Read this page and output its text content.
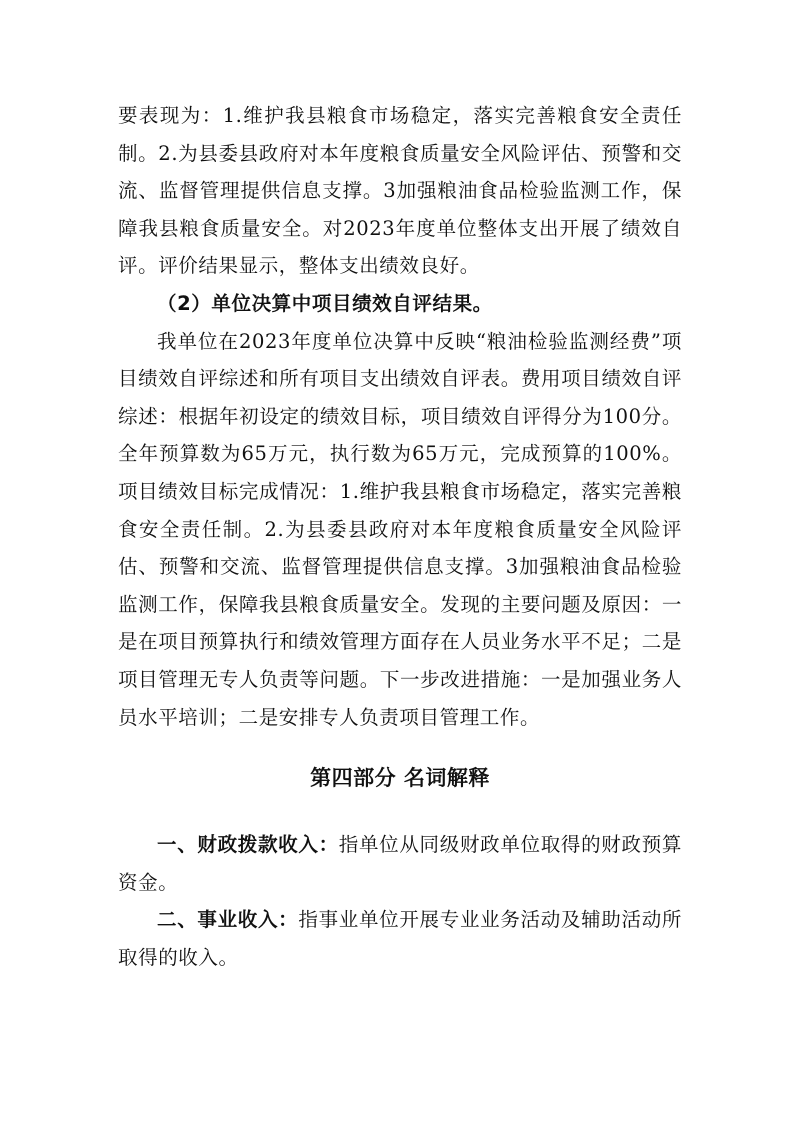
要表现为：1.维护我县粮食市场稳定，落实完善粮食安全责任制。2.为县委县政府对本年度粮食质量安全风险评估、预警和交流、监督管理提供信息支撑。3加强粮油食品检验监测工作，保障我县粮食质量安全。对2023年度单位整体支出开展了绩效自评。评价结果显示，整体支出绩效良好。

（2）单位决算中项目绩效自评结果。

我单位在2023年度单位决算中反映“粮油检验监测经费”项目绩效自评综述和所有项目支出绩效自评表。费用项目绩效自评综述：根据年初设定的绩效目标，项目绩效自评得分为100分。全年预算数为65万元，执行数为65万元，完成预算的100%。项目绩效目标完成情况：1.维护我县粮食市场稳定，落实完善粮食安全责任制。2.为县委县政府对本年度粮食质量安全风险评估、预警和交流、监督管理提供信息支撑。3加强粮油食品检验监测工作，保障我县粮食质量安全。发现的主要问题及原因：一是在项目预算执行和绩效管理方面存在人员业务水平不足；二是项目管理无专人负责等问题。下一步改进措施：一是加强业务人员水平培训；二是安排专人负责项目管理工作。

第四部分 名词解释

一、财政拨款收入：指单位从同级财政单位取得的财政预算资金。

二、事业收入：指事业单位开展专业业务活动及辅助活动所取得的收入。
